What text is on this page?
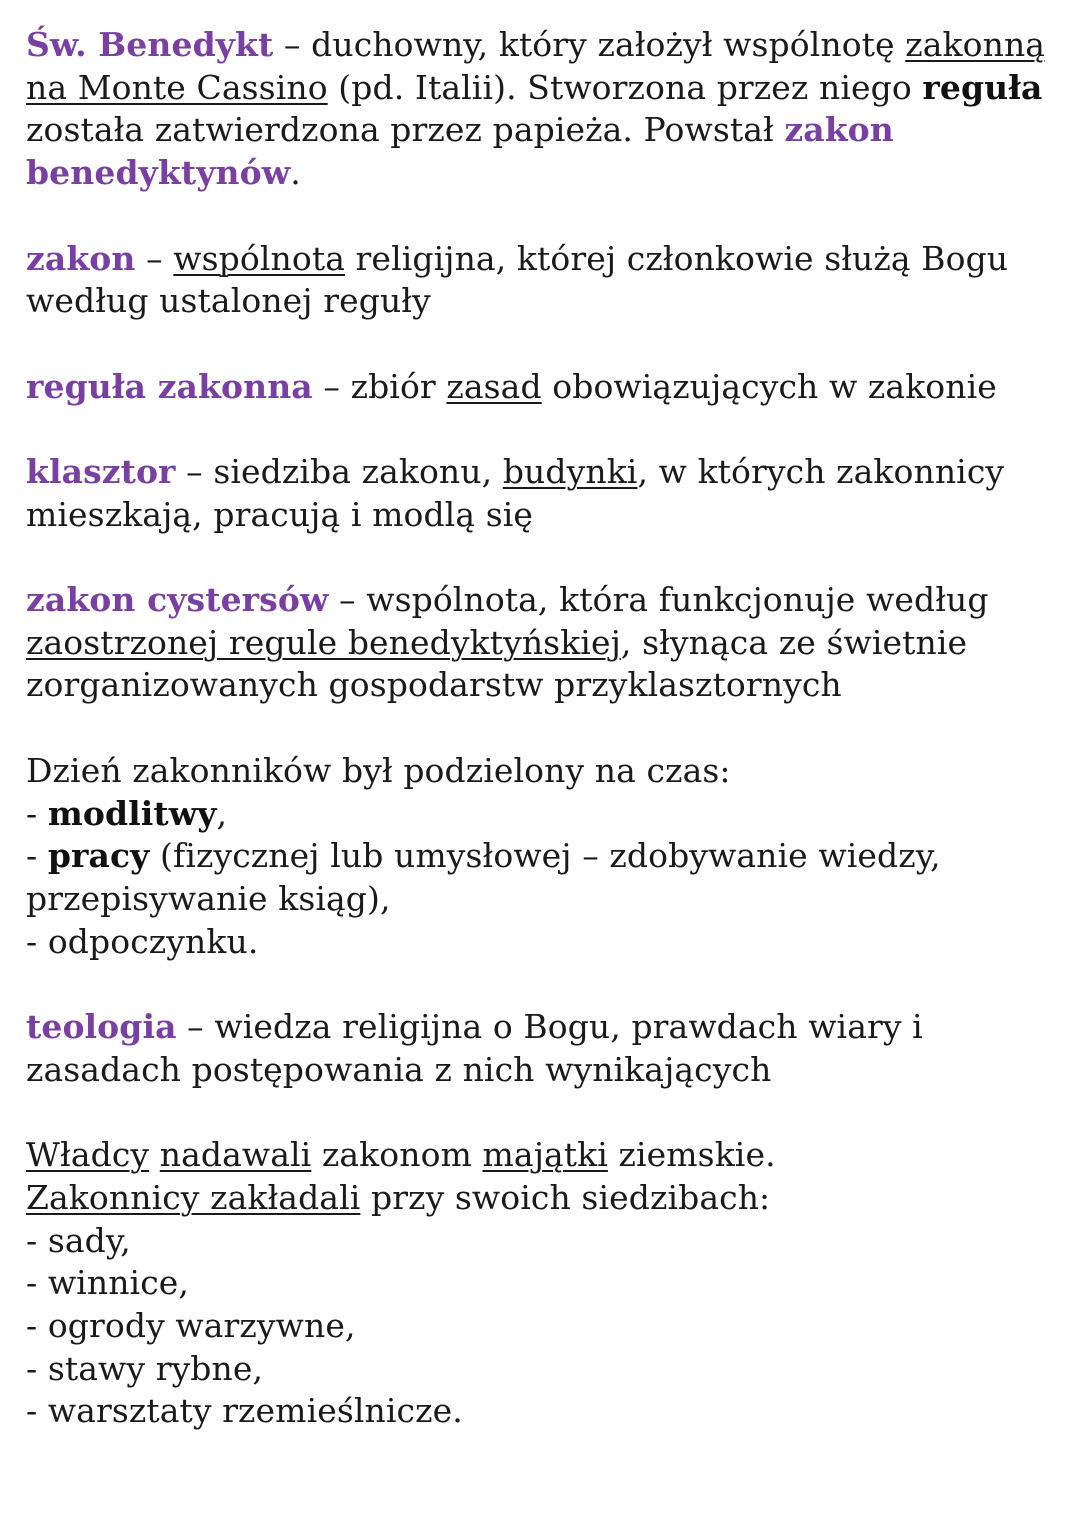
Św. Benedykt – duchowny, który założył wspólnotę zakonną na Monte Cassino (pd. Italii). Stworzona przez niego reguła została zatwierdzona przez papieża. Powstał zakon benedyktynów.

zakon – wspólnota religijna, której członkowie służą Bogu według ustalonej reguły

reguła zakonna – zbiór zasad obowiązujących w zakonie

klasztor – siedziba zakonu, budynki, w których zakonnicy mieszkają, pracują i modlą się

zakon cystersów – wspólnota, która funkcjonuje według zaostrzonej regule benedyktyńskiej, słynąca ze świetnie zorganizowanych gospodarstw przyklasztornych

Dzień zakonników był podzielony na czas:
- modlitwy,
- pracy (fizycznej lub umysłowej – zdobywanie wiedzy, przepisywanie ksiąg),
- odpoczynku.

teologia – wiedza religijna o Bogu, prawdach wiary i zasadach postępowania z nich wynikających

Władcy nadawali zakonom majątki ziemskie.
Zakonnicy zakładali przy swoich siedzibach:
- sady,
- winnice,
- ogrody warzywne,
- stawy rybne,
- warsztaty rzemieślnicze.
